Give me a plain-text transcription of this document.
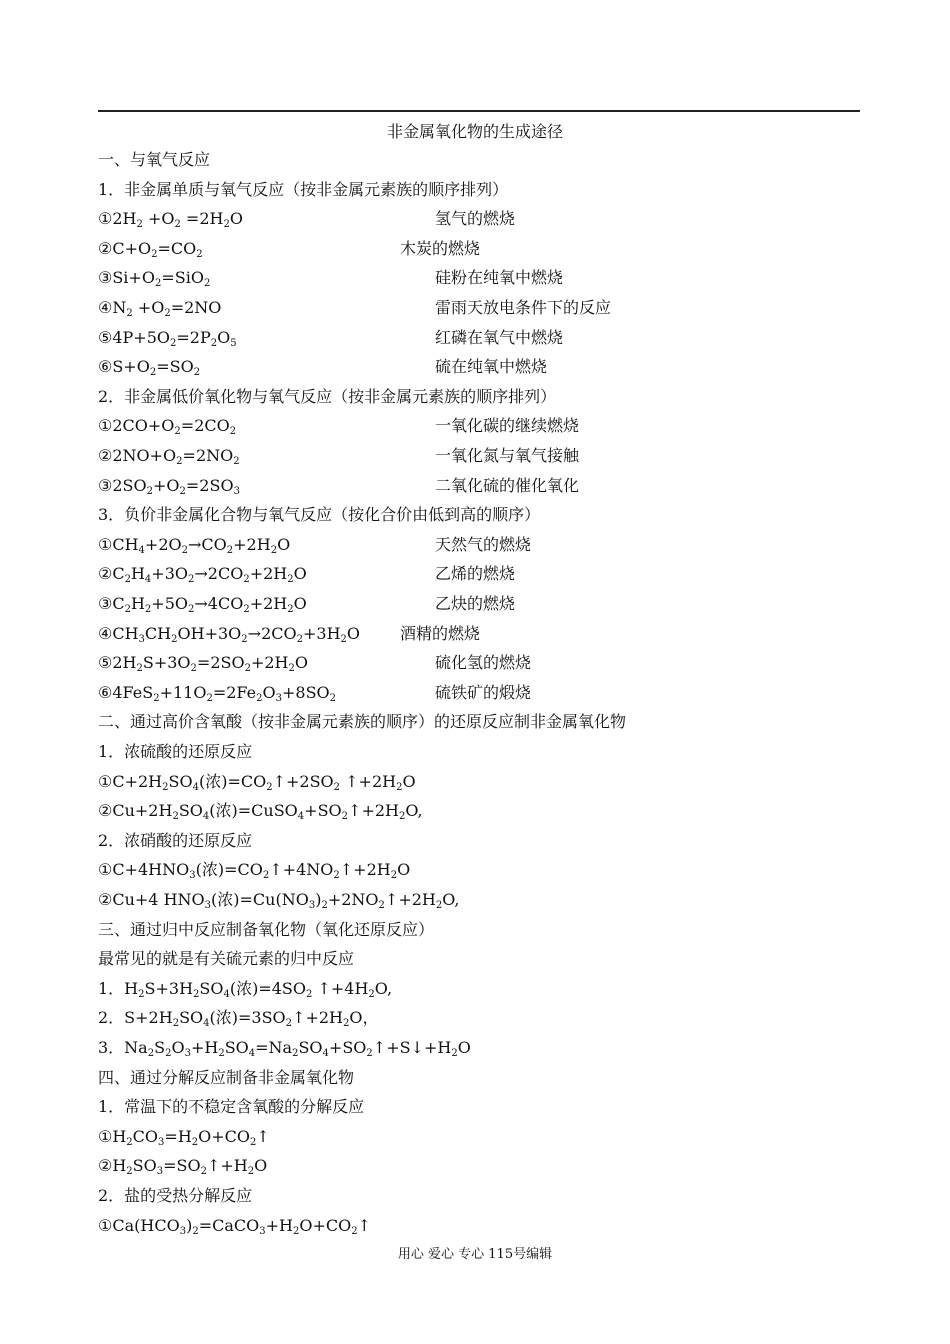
非金属氧化物的生成途径
一、与氧气反应
1．非金属单质与氧气反应（按非金属元素族的顺序排列）
$①2H_2 +O_2 =2H_2O$	氢气的燃烧
$②C+O_2=CO_2$	木炭的燃烧
$③Si+O_2=SiO_2$	硅粉在纯氧中燃烧
$④N_2 +O_2=2NO$	雷雨天放电条件下的反应
$⑤4P+5O_2=2P_2O_5$	红磷在氧气中燃烧
$⑥S+O_2=SO_2$	硫在纯氧中燃烧
2．非金属低价氧化物与氧气反应（按非金属元素族的顺序排列）
$①2CO+O_2=2CO_2$	一氧化碳的继续燃烧
$②2NO+O_2=2NO_2$	一氧化氮与氧气接触
$③2SO_2+O_2=2SO_3$	二氧化硫的催化氧化
3．负价非金属化合物与氧气反应（按化合价由低到高的顺序）
$①CH_4+2O_2\to CO_2+2H_2O$	天然气的燃烧
$②C_2H_4+3O_2\to 2CO_2+2H_2O$	乙烯的燃烧
$③C_2H_2+5O_2\to 4CO_2+2H_2O$	乙炔的燃烧
$④CH_3CH_2OH+3O_2\to 2CO_2+3H_2O$ 酒精的燃烧
$⑤2H_2S+3O_2=2SO_2+2H_2O$	硫化氢的燃烧
$⑥4FeS_2+11O_2=2Fe_2O_3+8SO_2$	硫铁矿的煅烧
二、通过高价含氧酸（按非金属元素族的顺序）的还原反应制非金属氧化物
1．浓硫酸的还原反应
$①C+2H_2SO_4$(浓)$=CO_2↑+2SO_2$ $↑+2H_2O$
$②Cu+2H_2SO_4$(浓)$=CuSO_4+SO_2↑+2H_2O$,
2．浓硝酸的还原反应
$①C+4HNO_3$(浓)$=CO_2↑+4NO_2↑+2H_2O$
②Cu+4 $HNO_3$(浓)$=Cu(NO_3)_2+2NO_2↑+2H_2O$,
三、通过归中反应制备氧化物（氧化还原反应）
最常见的就是有关硫元素的归中反应
1．$H_2S+3H_2SO_4$(浓)$=4SO_2$ $↑+4H_2O$,
2．$S+2H_2SO_4$(浓)$=3SO_2↑+2H_2O$，
3．$Na_2S_2O_3+H_2SO_4=Na_2SO_4+SO_2↑+S↓+H_2O$
四、通过分解反应制备非金属氧化物
1．常温下的不稳定含氧酸的分解反应
$①H_2CO_3=H_2O+CO_2↑$
$②H_2SO_3=SO_2↑+H_2O$
2．盐的受热分解反应
$①Ca(HCO_3)_2=CaCO_3+H_2O+CO_2↑$
用心 爱心 专心 115号编辑
